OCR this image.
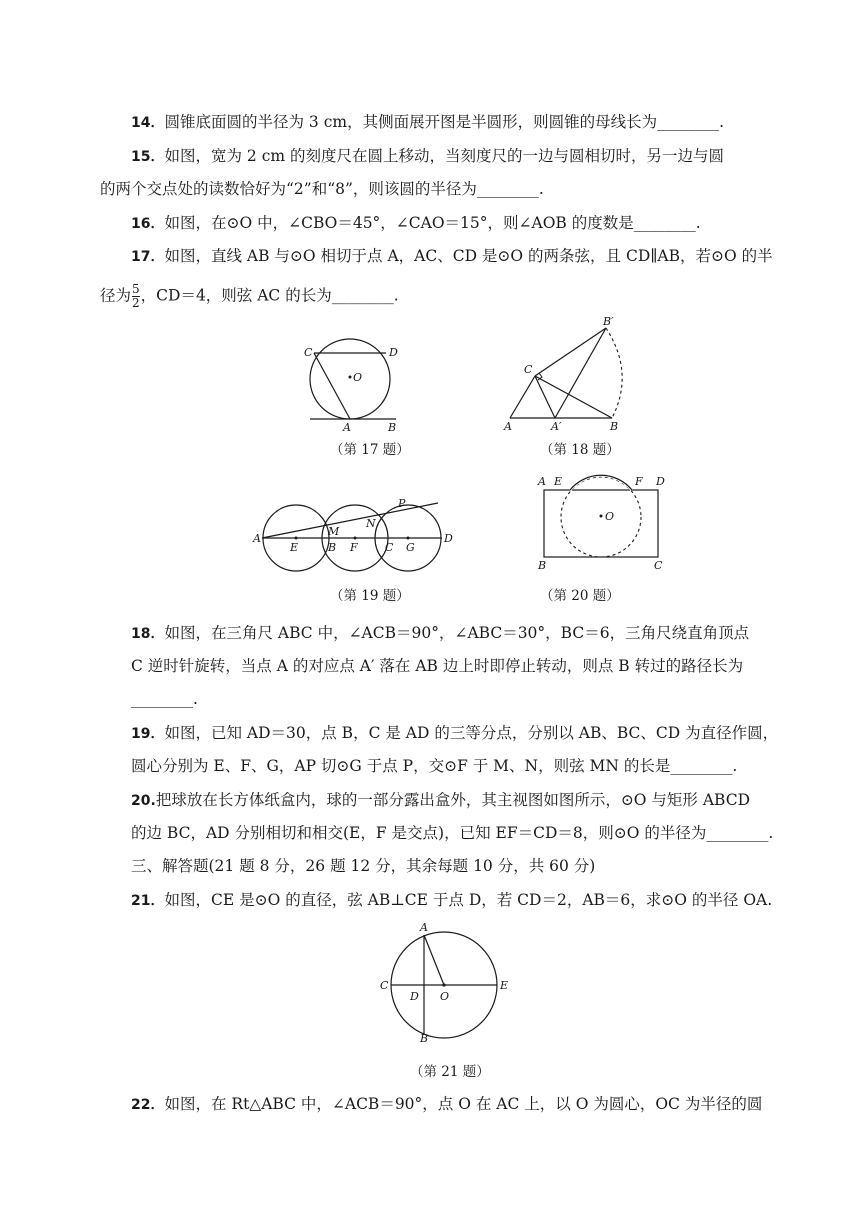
14．圆锥底面圆的半径为 3 cm，其侧面展开图是半圆形，则圆锥的母线长为________.
15．如图，宽为 2 cm 的刻度尺在圆上移动，当刻度尺的一边与圆相切时，另一边与圆
的两个交点处的读数恰好为“2”和“8”，则该圆的半径为________.
16．如图，在⊙O 中，∠CBO＝45°，∠CAO＝15°，则∠AOB 的度数是________.
17．如图，直线 AB 与⊙O 相切于点 A，AC、CD 是⊙O 的两条弦，且 CD∥AB，若⊙O 的半
径为 $\frac{5}{2}$ ，CD＝4，则弦 AC 的长为________.
C	D
O
A	B
（第 17 题）
B′
C
A	A′	B
（第 18 题）
A
E
M
B F
N
C G
P
D
（第 19 题）
A E	F D
O
B	C
（第 20 题）
18．如图，在三角尺 ABC 中，∠ACB＝90°，∠ABC＝30°，BC＝6，三角尺绕直角顶点
C 逆时针旋转，当点 A 的对应点 A′ 落在 AB 边上时即停止转动，则点 B 转过的路径长为
________.
19．如图，已知 AD＝30，点 B，C 是 AD 的三等分点，分别以 AB、BC、CD 为直径作圆，
圆心分别为 E、F、G，AP 切⊙G 于点 P，交⊙F 于 M、N，则弦 MN 的长是________.
20.把球放在长方体纸盒内，球的一部分露出盒外，其主视图如图所示，⊙O 与矩形 ABCD
的边 BC，AD 分别相切和相交(E，F 是交点)，已知 EF＝CD＝8，则⊙O 的半径为________.
三、解答题(21 题 8 分，26 题 12 分，其余每题 10 分，共 60 分)
21．如图，CE 是⊙O 的直径，弦 AB⊥CE 于点 D，若 CD＝2，AB＝6，求⊙O 的半径 OA.
A
C
D O
E
B
（第 21 题）
22．如图，在 Rt△ABC 中，∠ACB＝90°，点 O 在 AC 上，以 O 为圆心，OC 为半径的圆
